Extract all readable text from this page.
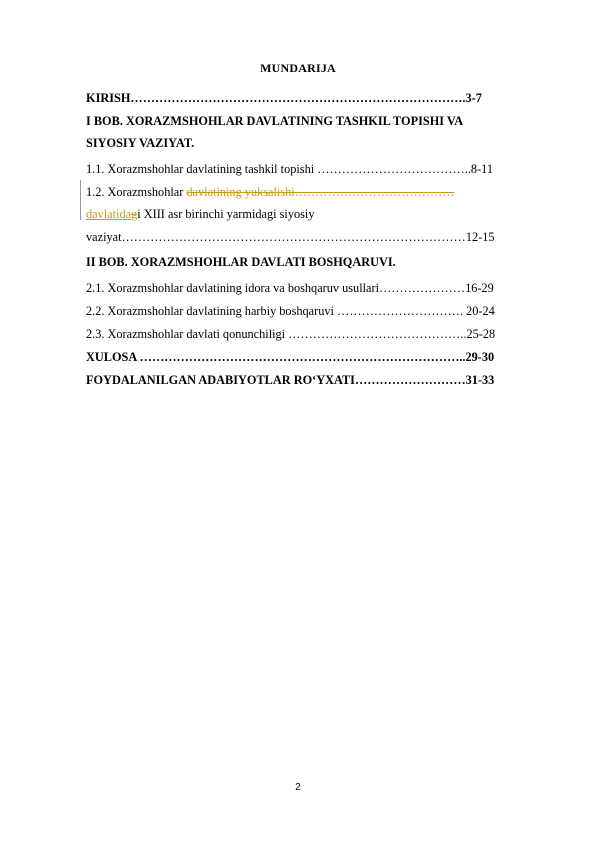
MUNDARIJA
KIRISH……………………………………………………………………….3-7
I BOB. XORAZMSHOHLAR DAVLATINING TASHKIL TOPISHI VA
SIYOSIY VAZIYAT.
1.1. Xorazmshohlar davlatining tashkil topishi ………………………………..8-11
1.2. Xorazmshohlar davlatining yuksalishi…………………………………
davlatidagi XIII asr birinchi yarmidagi siyosiy
vaziyat…………………………………………………………………………12-15
II BOB. XORAZMSHOHLAR DAVLATI BOSHQARUVI.
2.1. Xorazmshohlar davlatining idora va boshqaruv usullari…………………16-29
2.2. Xorazmshohlar davlatining harbiy boshqaruvi …………………………. 20-24
2.3. Xorazmshohlar davlati qonunchiligi ……………………………………..25-28
XULOSA ……………………………………………………………………..29-30
FOYDALANILGAN ADABIYOTLAR RO‘YXATI………………………31-33
2
